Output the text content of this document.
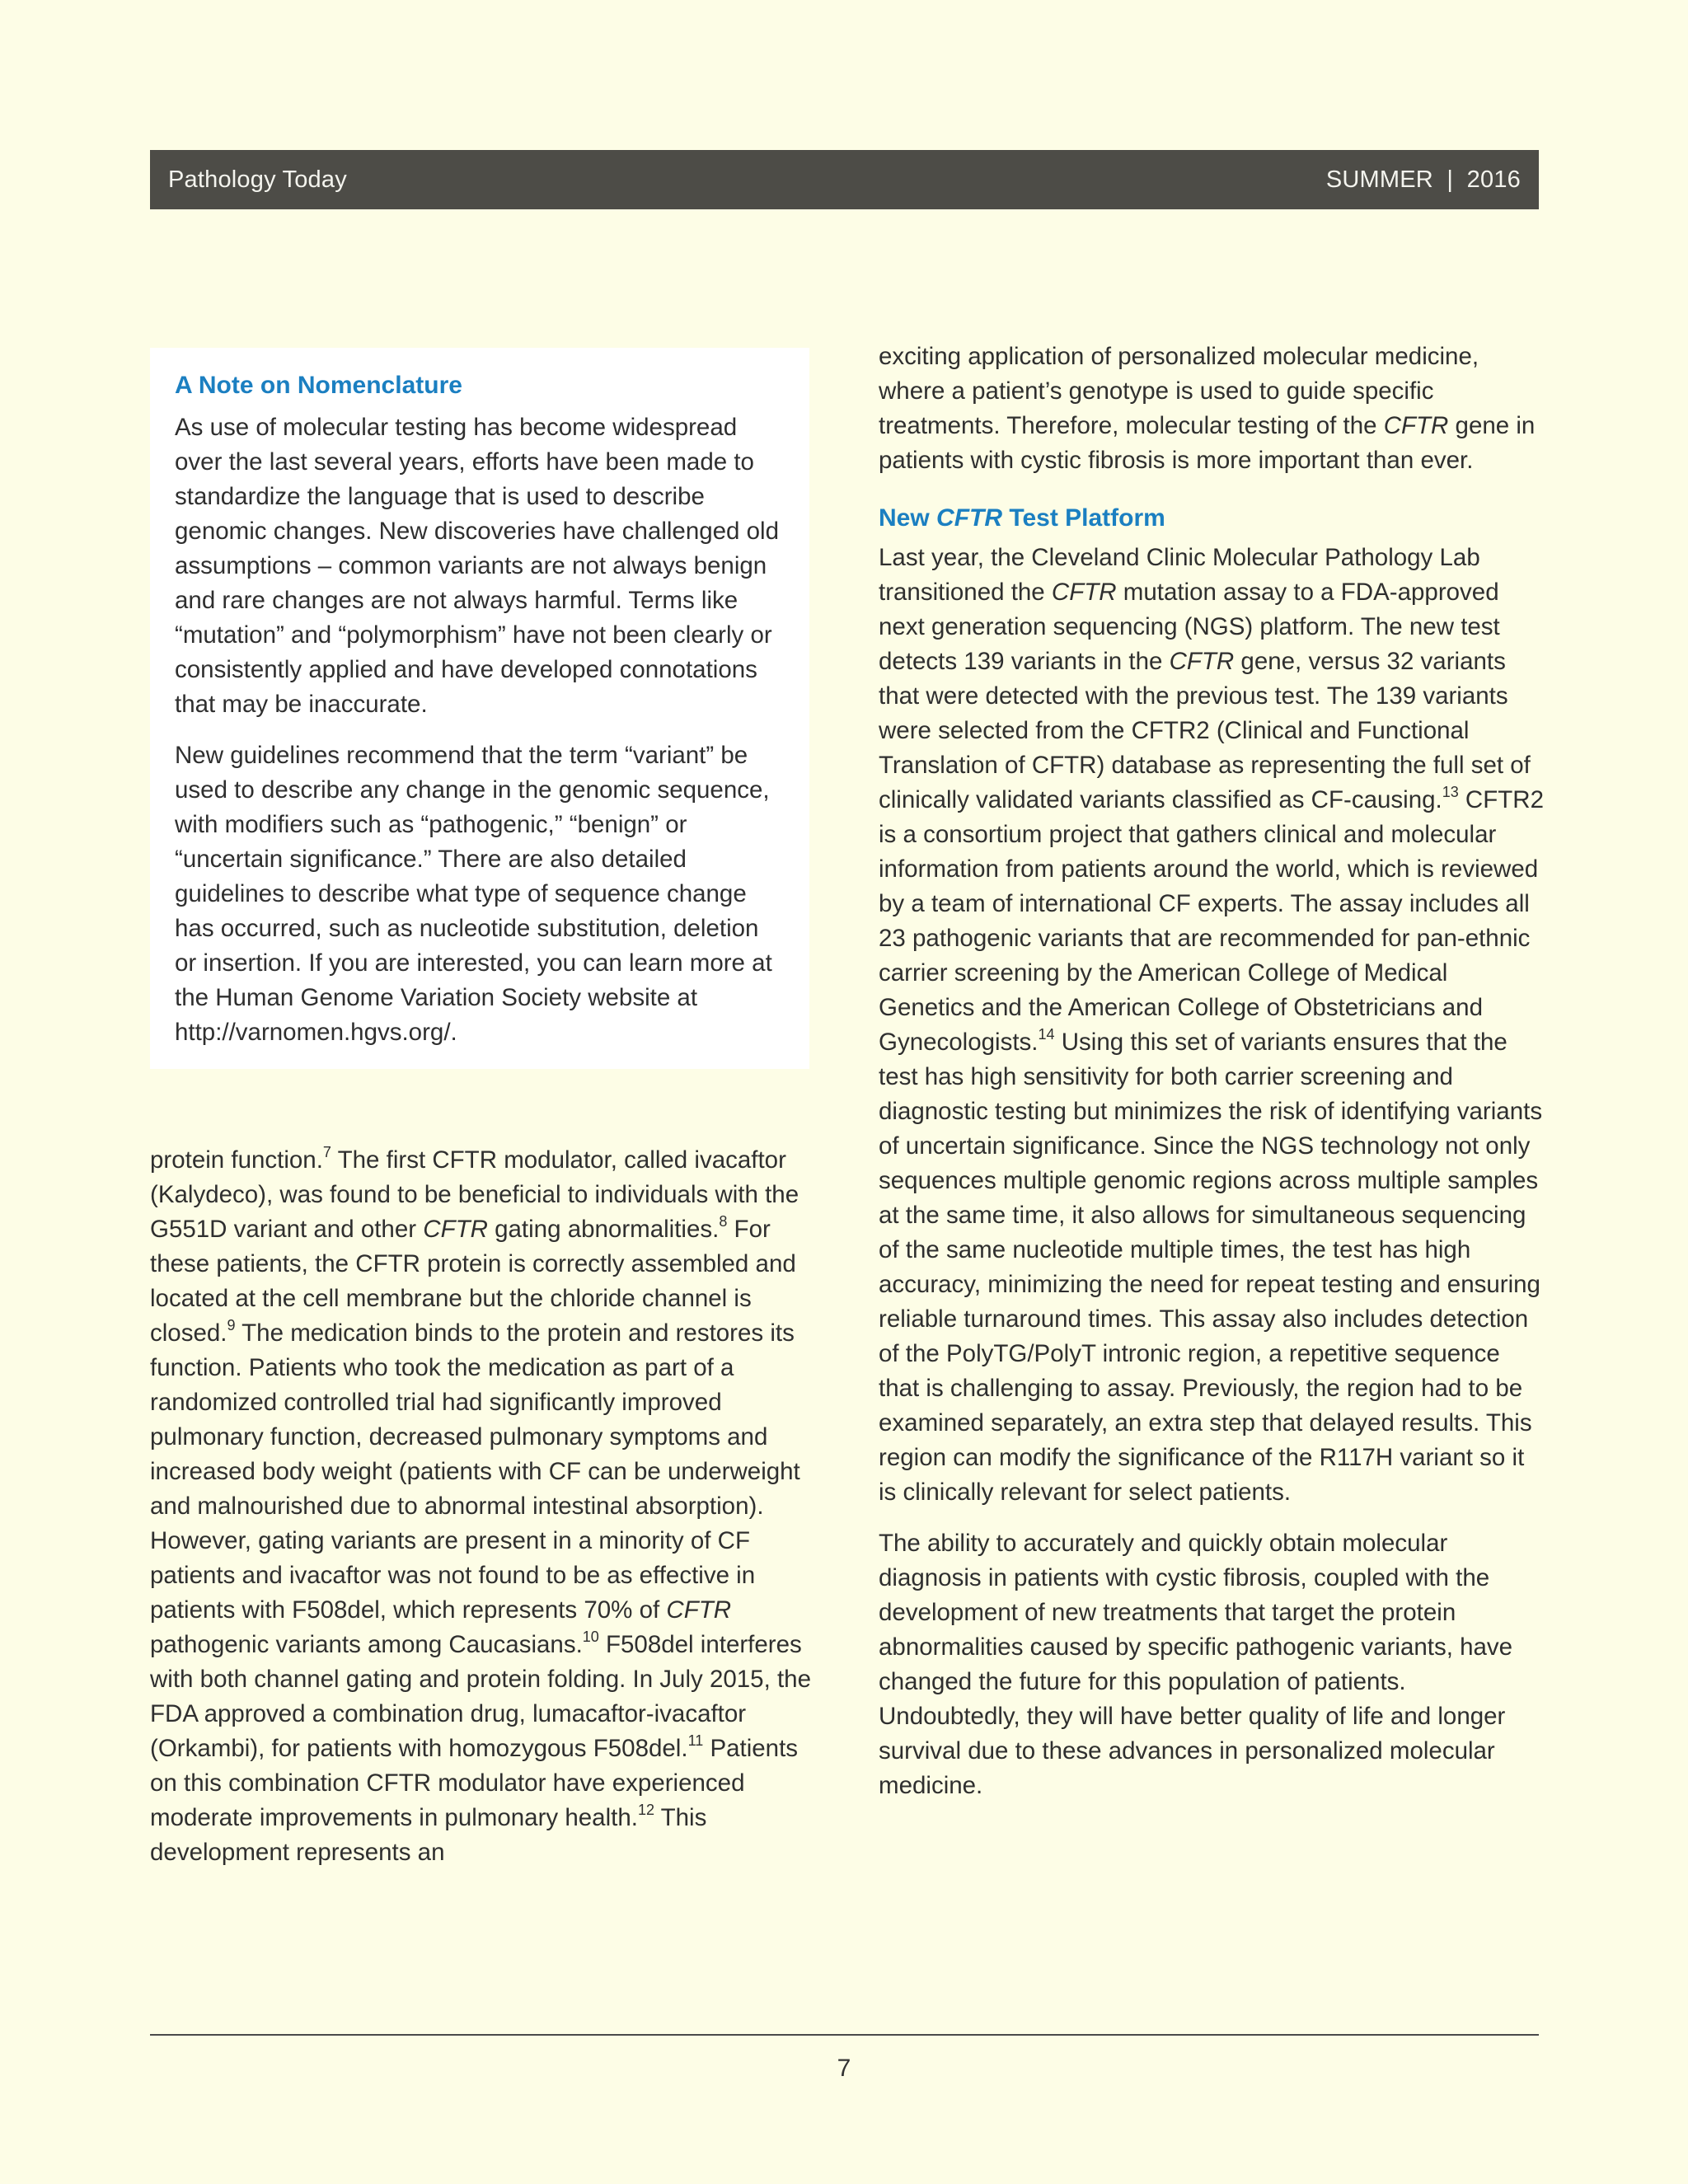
Pathology Today	SUMMER  |  2016
A Note on Nomenclature

As use of molecular testing has become widespread over the last several years, efforts have been made to standardize the language that is used to describe genomic changes. New discoveries have challenged old assumptions – common variants are not always benign and rare changes are not always harmful. Terms like “mutation” and “polymorphism” have not been clearly or consistently applied and have developed connotations that may be inaccurate.

New guidelines recommend that the term “variant” be used to describe any change in the genomic sequence, with modifiers such as “pathogenic,” “benign” or “uncertain significance.” There are also detailed guidelines to describe what type of sequence change has occurred, such as nucleotide substitution, deletion or insertion. If you are interested, you can learn more at the Human Genome Variation Society website at http://varnomen.hgvs.org/.

protein function.$^7$ The first CFTR modulator, called ivacaftor (Kalydeco), was found to be beneficial to individuals with the G551D variant and other CFTR gating abnormalities.$^8$ For these patients, the CFTR protein is correctly assembled and located at the cell membrane but the chloride channel is closed.$^9$ The medication binds to the protein and restores its function. Patients who took the medication as part of a randomized controlled trial had significantly improved pulmonary function, decreased pulmonary symptoms and increased body weight (patients with CF can be underweight and malnourished due to abnormal intestinal absorption). However, gating variants are present in a minority of CF patients and ivacaftor was not found to be as effective in patients with F508del, which represents 70% of CFTR pathogenic variants among Caucasians.$^{10}$ F508del interferes with both channel gating and protein folding. In July 2015, the FDA approved a combination drug, lumacaftor-ivacaftor (Orkambi), for patients with homozygous F508del.$^{11}$ Patients on this combination CFTR modulator have experienced moderate improvements in pulmonary health.$^{12}$ This development represents an

exciting application of personalized molecular medicine, where a patient’s genotype is used to guide specific treatments. Therefore, molecular testing of the CFTR gene in patients with cystic fibrosis is more important than ever.

New CFTR Test Platform

Last year, the Cleveland Clinic Molecular Pathology Lab transitioned the CFTR mutation assay to a FDA-approved next generation sequencing (NGS) platform. The new test detects 139 variants in the CFTR gene, versus 32 variants that were detected with the previous test. The 139 variants were selected from the CFTR2 (Clinical and Functional Translation of CFTR) database as representing the full set of clinically validated variants classified as CF-causing.$^{13}$ CFTR2 is a consortium project that gathers clinical and molecular information from patients around the world, which is reviewed by a team of international CF experts. The assay includes all 23 pathogenic variants that are recommended for pan-ethnic carrier screening by the American College of Medical Genetics and the American College of Obstetricians and Gynecologists.$^{14}$ Using this set of variants ensures that the test has high sensitivity for both carrier screening and diagnostic testing but minimizes the risk of identifying variants of uncertain significance. Since the NGS technology not only sequences multiple genomic regions across multiple samples at the same time, it also allows for simultaneous sequencing of the same nucleotide multiple times, the test has high accuracy, minimizing the need for repeat testing and ensuring reliable turnaround times. This assay also includes detection of the PolyTG/PolyT intronic region, a repetitive sequence that is challenging to assay. Previously, the region had to be examined separately, an extra step that delayed results. This region can modify the significance of the R117H variant so it is clinically relevant for select patients.

The ability to accurately and quickly obtain molecular diagnosis in patients with cystic fibrosis, coupled with the development of new treatments that target the protein abnormalities caused by specific pathogenic variants, have changed the future for this population of patients. Undoubtedly, they will have better quality of life and longer survival due to these advances in personalized molecular medicine.

7
